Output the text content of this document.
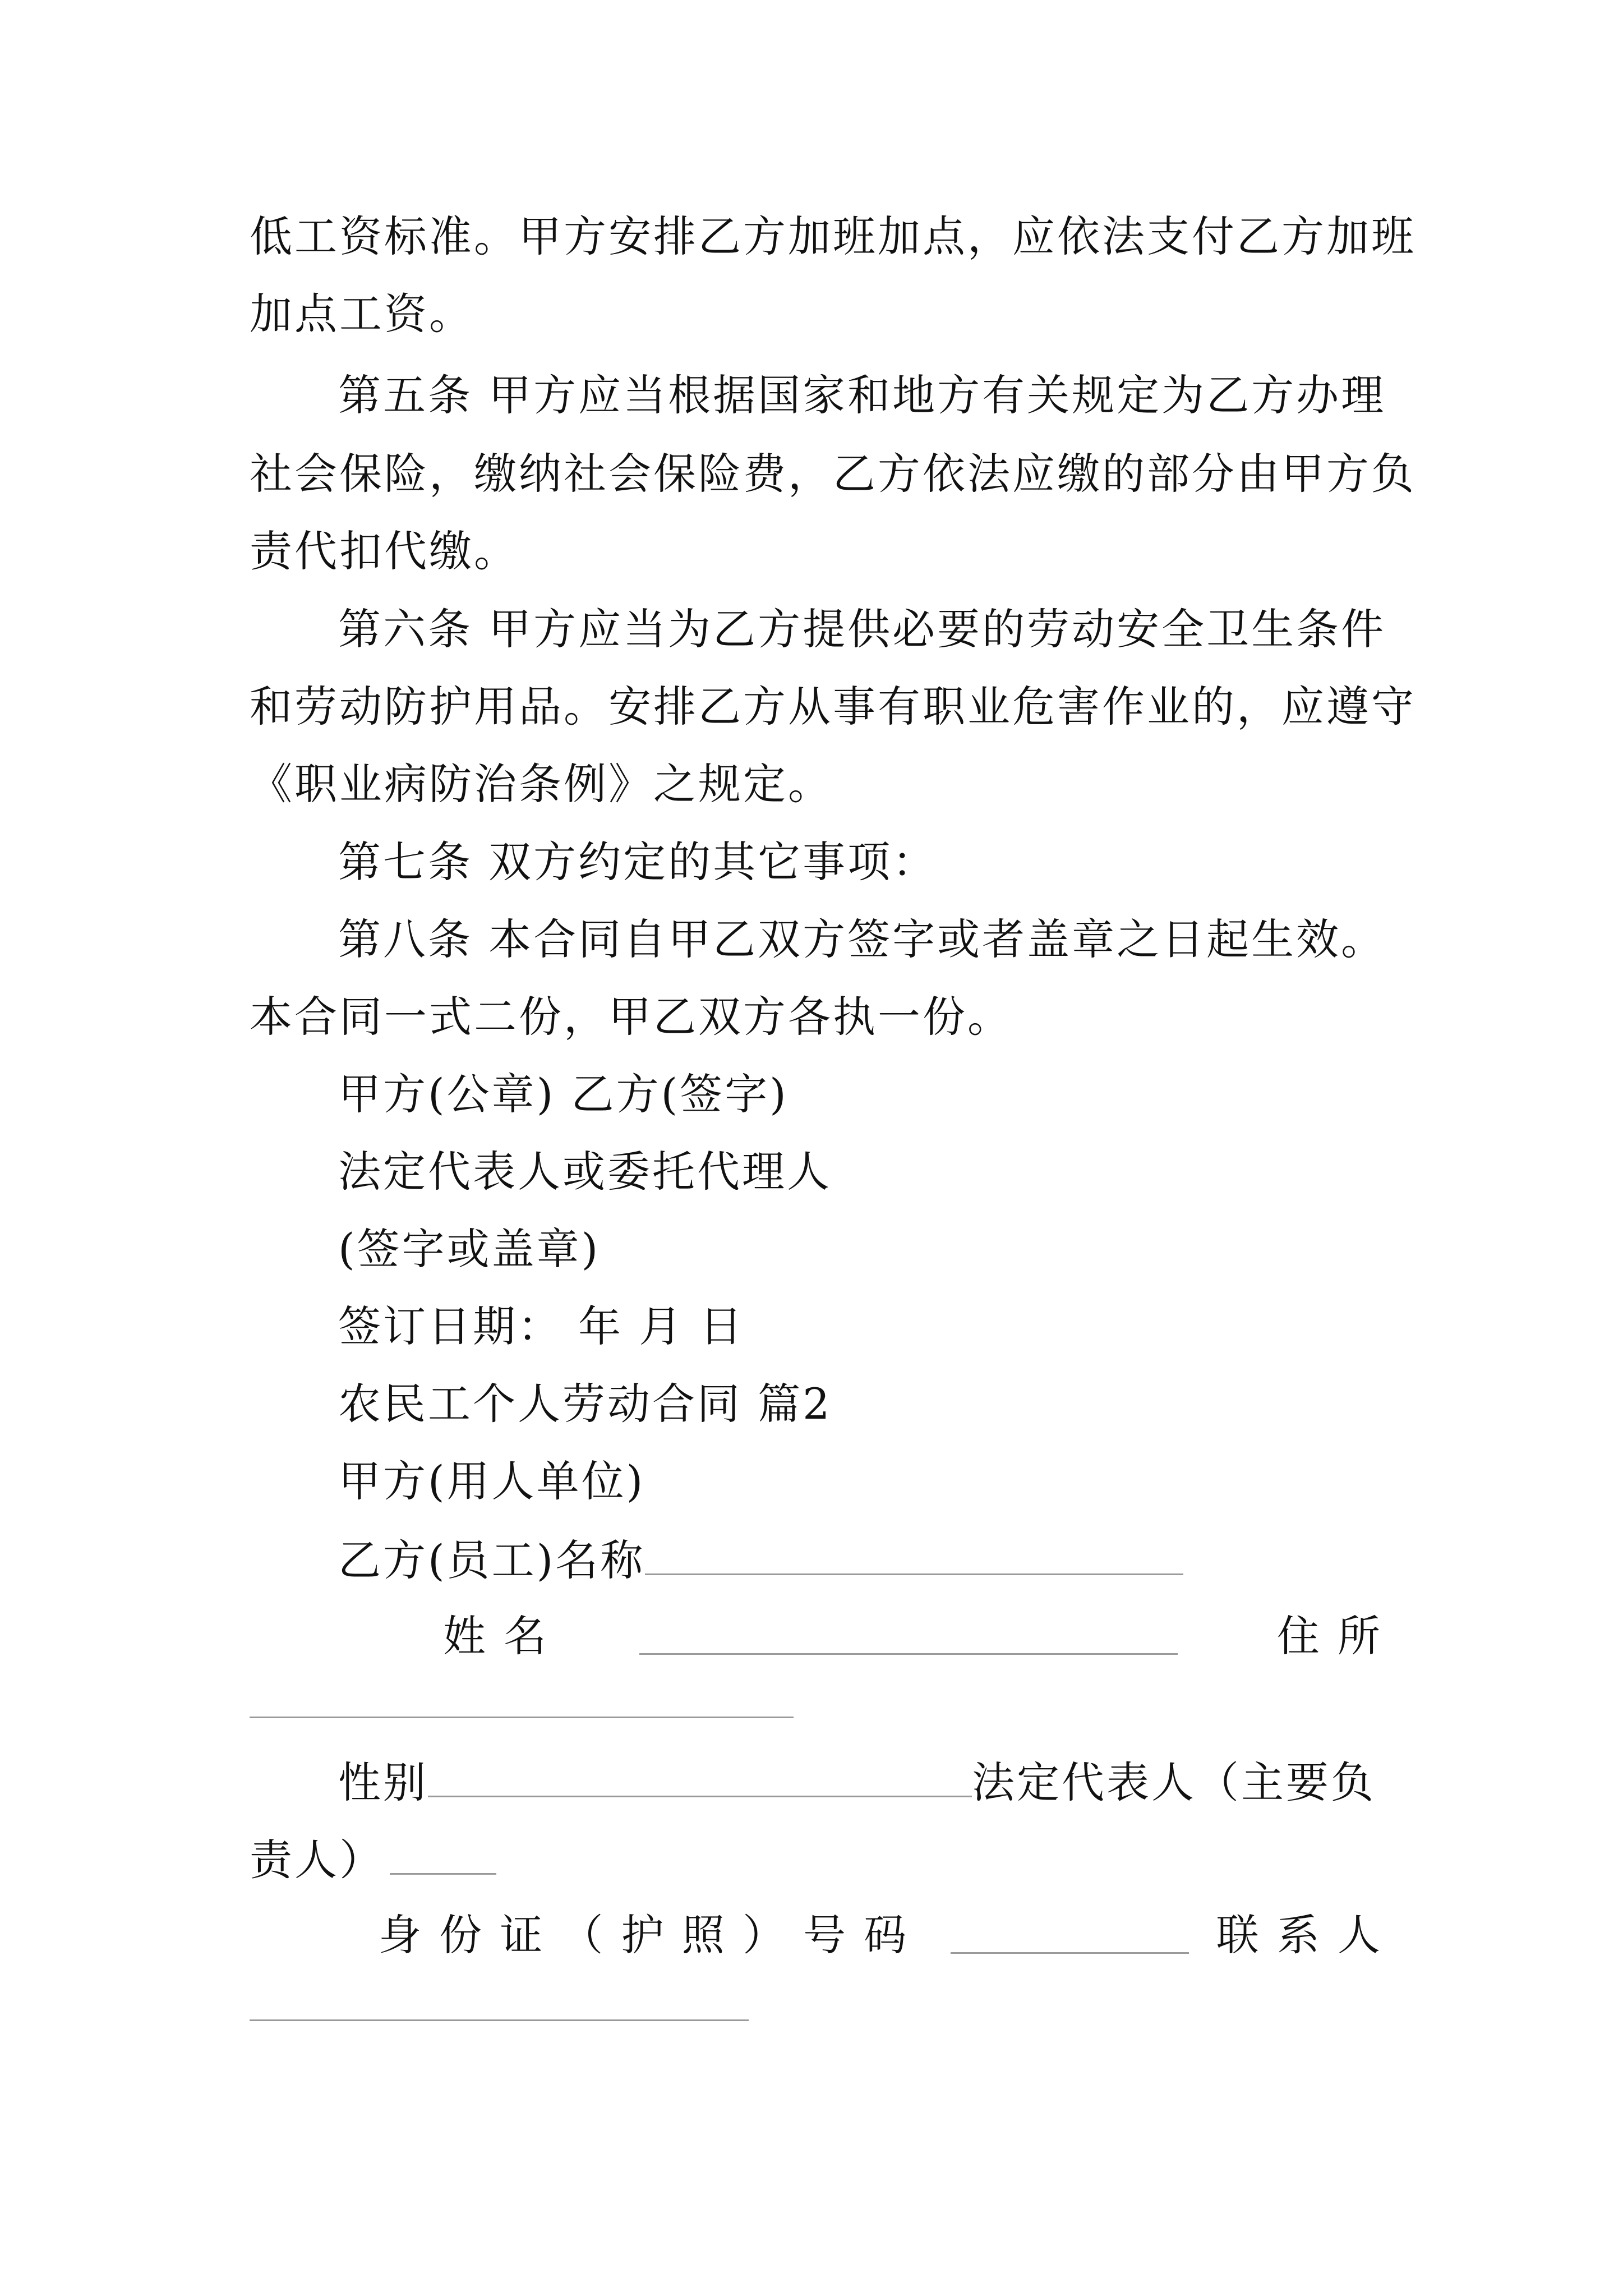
低工资标准。甲方安排乙方加班加点，应依法支付乙方加班
加点工资。
第五条 甲方应当根据国家和地方有关规定为乙方办理
社会保险，缴纳社会保险费，乙方依法应缴的部分由甲方负
责代扣代缴。
第六条 甲方应当为乙方提供必要的劳动安全卫生条件
和劳动防护用品。安排乙方从事有职业危害作业的，应遵守
《职业病防治条例》之规定。
第七条 双方约定的其它事项：
第八条 本合同自甲乙双方签字或者盖章之日起生效。
本合同一式二份，甲乙双方各执一份。
甲方(公章) 乙方(签字)
法定代表人或委托代理人
(签字或盖章)
签订日期： 年 月 日
农民工个人劳动合同 篇2
甲方(用人单位)
乙方(员工)名称
姓 名	住 所
性别	法定代表人（主要负
责人）
身 份 证 （ 护 照 ） 号 码	联 系 人
